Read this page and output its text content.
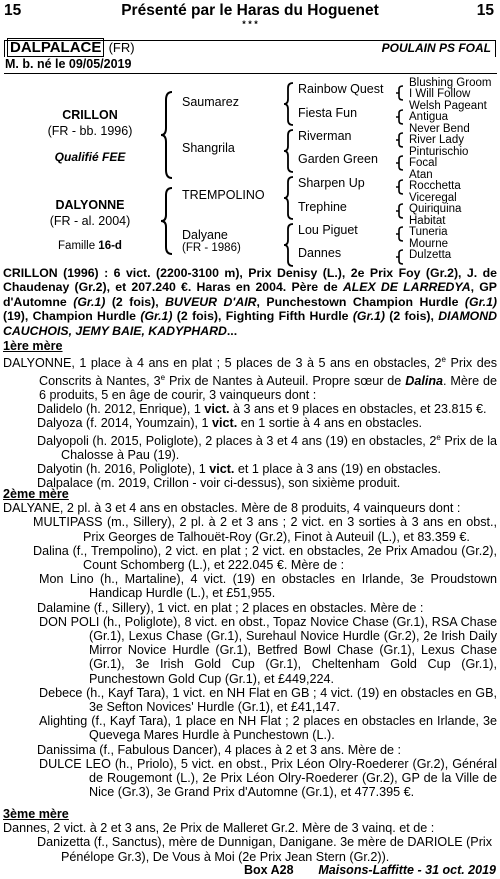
15	Présenté par le Haras du Hoguenet	15
* * *
DALPALACE (FR)	POULAIN PS FOAL
M. b. né le 09/05/2019
CRILLON
(FR - bb. 1996)
Qualifié FEE
DALYONNE
(FR - al. 2004)
Famille 16-d
Saumarez
Shangrila
TREMPOLINO
Dalyane
(FR - 1986)
Rainbow Quest
Fiesta Fun
Riverman
Garden Green
Sharpen Up
Trephine
Lou Piguet
Dannes
Blushing Groom
I Will Follow
Welsh Pageant
Antigua
Never Bend
River Lady
Pinturischio
Focal
Atan
Rocchetta
Viceregal
Quiriquina
Habitat
Tuneria
Mourne
Dulzetta
CRILLON (1996) : 6 vict. (2200-3100 m), Prix Denisy (L.), 2e Prix Foy (Gr.2), J. de Chaudenay (Gr.2), et 207.240 €. Haras en 2004. Père de ALEX DE LARREDYA, GP d'Automne (Gr.1) (2 fois), BUVEUR D'AIR, Punchestown Champion Hurdle (Gr.1) (19), Champion Hurdle (Gr.1) (2 fois), Fighting Fifth Hurdle (Gr.1) (2 fois), DIAMOND CAUCHOIS, JEMY BAIE, KADYPHARD...

1ère mère

DALYONNE, 1 place à 4 ans en plat ; 5 places de 3 à 5 ans en obstacles, 2e Prix des Conscrits à Nantes, 3e Prix de Nantes à Auteuil. Propre sœur de Dalina. Mère de 6 produits, 5 en âge de courir, 3 vainqueurs dont :

Dalidelo (h. 2012, Enrique), 1 vict. à 3 ans et 9 places en obstacles, et 23.815 €.

Dalyoza (f. 2014, Youmzain), 1 vict. en 1 sortie à 4 ans en obstacles.

Dalyopoli (h. 2015, Poliglote), 2 places à 3 et 4 ans (19) en obstacles, 2e Prix de la Chalosse à Pau (19).

Dalyotin (h. 2016, Poliglote), 1 vict. et 1 place à 3 ans (19) en obstacles.

Dalpalace (m. 2019, Crillon - voir ci-dessus), son sixième produit.

2ème mère

DALYANE, 2 pl. à 3 et 4 ans en obstacles. Mère de 8 produits, 4 vainqueurs dont :

MULTIPASS (m., Sillery), 2 pl. à 2 et 3 ans ; 2 vict. en 3 sorties à 3 ans en obst., Prix Georges de Talhouët-Roy (Gr.2), Finot à Auteuil (L.), et 83.359 €.

Dalina (f., Trempolino), 2 vict. en plat ; 2 vict. en obstacles, 2e Prix Amadou (Gr.2), Count Schomberg (L.), et 222.045 €. Mère de :

Mon Lino (h., Martaline), 4 vict. (19) en obstacles en Irlande, 3e Proudstown Handicap Hurdle (L.), et £51,955.

Dalamine (f., Sillery), 1 vict. en plat ; 2 places en obstacles. Mère de :

DON POLI (h., Poliglote), 8 vict. en obst., Topaz Novice Chase (Gr.1), RSA Chase (Gr.1), Lexus Chase (Gr.1), Surehaul Novice Hurdle (Gr.2), 2e Irish Daily Mirror Novice Hurdle (Gr.1), Betfred Bowl Chase (Gr.1), Lexus Chase (Gr.1), 3e Irish Gold Cup (Gr.1), Cheltenham Gold Cup (Gr.1), Punchestown Gold Cup (Gr.1), et £449,224.

Debece (h., Kayf Tara), 1 vict. en NH Flat en GB ; 4 vict. (19) en obstacles en GB, 3e Sefton Novices' Hurdle (Gr.1), et £41,147.

Alighting (f., Kayf Tara), 1 place en NH Flat ; 2 places en obstacles en Irlande, 3e Quevega Mares Hurdle à Punchestown (L.).

Danissima (f., Fabulous Dancer), 4 places à 2 et 3 ans. Mère de :

DULCE LEO (h., Priolo), 5 vict. en obst., Prix Léon Olry-Roederer (Gr.2), Général de Rougemont (L.), 2e Prix Léon Olry-Roederer (Gr.2), GP de la Ville de Nice (Gr.3), 3e Grand Prix d'Automne (Gr.1), et 477.395 €.

3ème mère

Dannes, 2 vict. à 2 et 3 ans, 2e Prix de Malleret Gr.2. Mère de 3 vainq. et de :

Danizetta (f., Sanctus), mère de Dunnigan, Danigane. 3e mère de DARIOLE (Prix Pénélope Gr.3), De Vous à Moi (2e Prix Jean Stern (Gr.2)).

Box A28 Maisons-Laffitte - 31 oct. 2019
